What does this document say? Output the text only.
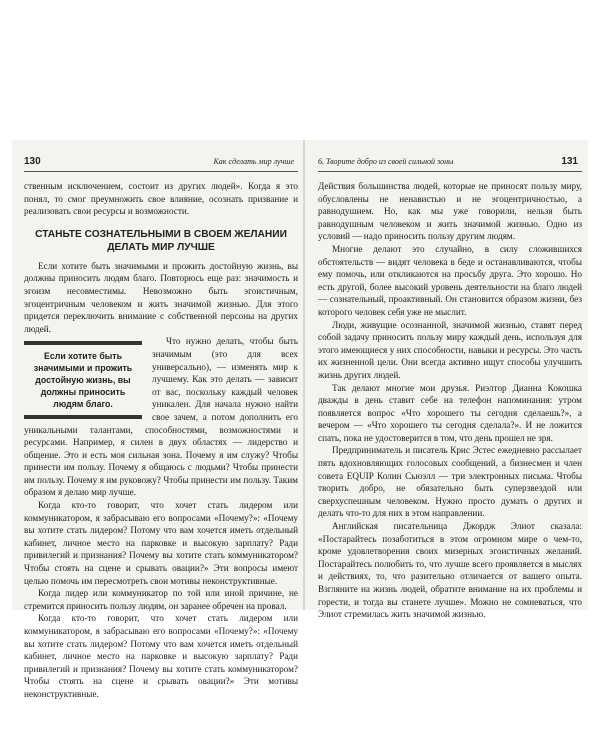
130	Как сделать мир лучше

ственным исключением, состоит из других людей». Когда я это понял, то смог преумножить свое влияние, осознать призвание и реализовать свои ресурсы и возможности.

СТАНЬТЕ СОЗНАТЕЛЬНЫМИ В СВОЕМ ЖЕЛАНИИ ДЕЛАТЬ МИР ЛУЧШЕ

Если хотите быть значимыми и прожить достойную жизнь, вы должны приносить людям благо. Повторюсь еще раз: значимость и эгоизм несовместимы. Невозможно быть эгоистичным, эгоцентричным человеком и жить значимой жизнью. Для этого придется переключить внимание с собственной персоны на других людей.

Если хотите быть значимыми и прожить достойную жизнь, вы должны приносить людям благо.

Что нужно делать, чтобы быть значимым (это для всех универсально), — изменять мир к лучшему. Как это делать — зависит от вас, поскольку каждый человек уникален. Для начала нужно найти свое зачем, а потом дополнить его уникальными талантами, способностями, возможностями и ресурсами. Например, я силен в двух областях — лидерство и общение. Это и есть моя сильная зона. Почему я им служу? Чтобы принести им пользу. Почему я общаюсь с людьми? Чтобы принести им пользу. Почему я им руковожу? Чтобы принести им пользу. Таким образом я делаю мир лучше.

Когда кто-то говорит, что хочет стать лидером или коммуникатором, я забрасываю его вопросами «Почему?»: «Почему вы хотите стать лидером? Потому что вам хочется иметь отдельный кабинет, личное место на парковке и высокую зарплату? Ради привилегий и признания? Почему вы хотите стать коммуникатором? Чтобы стоять на сцене и срывать овации?» Эти вопросы имеют целью помочь им пересмотреть свои мотивы неконструктивные.

Когда лидер или коммуникатор по той или иной причине, не стремится приносить пользу людям, он заранее обречен на провал.

Когда кто-то говорит, что хочет стать лидером или коммуникатором, я забрасываю его вопросами «Почему?»: «Почему вы хотите стать лидером? Потому что вам хочется иметь отдельный кабинет, личное место на парковке и высокую зарплату? Ради привилегий и признания? Почему вы хотите стать коммуникатором? Чтобы стоять на сцене и срывать овации?» Эти мотивы неконструктивные.

6. Творите добро из своей сильной зоны	131

Действия большинства людей, которые не приносят пользу миру, обусловлены не ненавистью и не эгоцентричностью, а равнодушием. Но, как мы уже говорили, нельзя быть равнодушным человеком и жить значимой жизнью. Одно из условий — надо приносить пользу другим людям.

Многие делают это случайно, в силу сложившихся обстоятельств — видят человека в беде и останавливаются, чтобы ему помочь, или откликаются на просьбу друга. Это хорошо. Но есть другой, более высокий уровень деятельности на благо людей — сознательный, проактивный. Он становится образом жизни, без которого человек себя уже не мыслит.

Люди, живущие осознанной, значимой жизнью, ставят перед собой задачу приносить пользу миру каждый день, используя для этого имеющиеся у них способности, навыки и ресурсы. Это часть их жизненной цели. Они всегда активно ищут способы улучшить жизнь других людей.

Так делают многие мои друзья. Риэлтор Дианна Кокошка дважды в день ставит себе на телефон напоминания: утром появляется вопрос «Что хорошего ты сегодня сделаешь?», а вечером — «Что хорошего ты сегодня сделала?». И не ложится спать, пока не удостоверится в том, что день прошел не зря.

Предприниматель и писатель Крис Эстес ежедневно рассылает пять вдохновляющих голосовых сообщений, а бизнесмен и член совета EQUIP Колин Сьюэлл — три электронных письма. Чтобы творить добро, не обязательно быть суперзвездой или сверхуспешным человеком. Нужно просто думать о других и делать что-то для них в этом направлении.

Английская писательница Джордж Элиот сказала: «Постарайтесь позаботиться в этом огромном мире о чем-то, кроме удовлетворения своих мизерных эгоистичных желаний. Постарайтесь полюбить то, что лучше всего проявляется в мыслях и действиях, то, что разительно отличается от вашего опыта. Взгляните на жизнь людей, обратите внимание на их проблемы и горести, и тогда вы станете лучше». Можно не сомневаться, что Элиот стремилась жить значимой жизнью.
